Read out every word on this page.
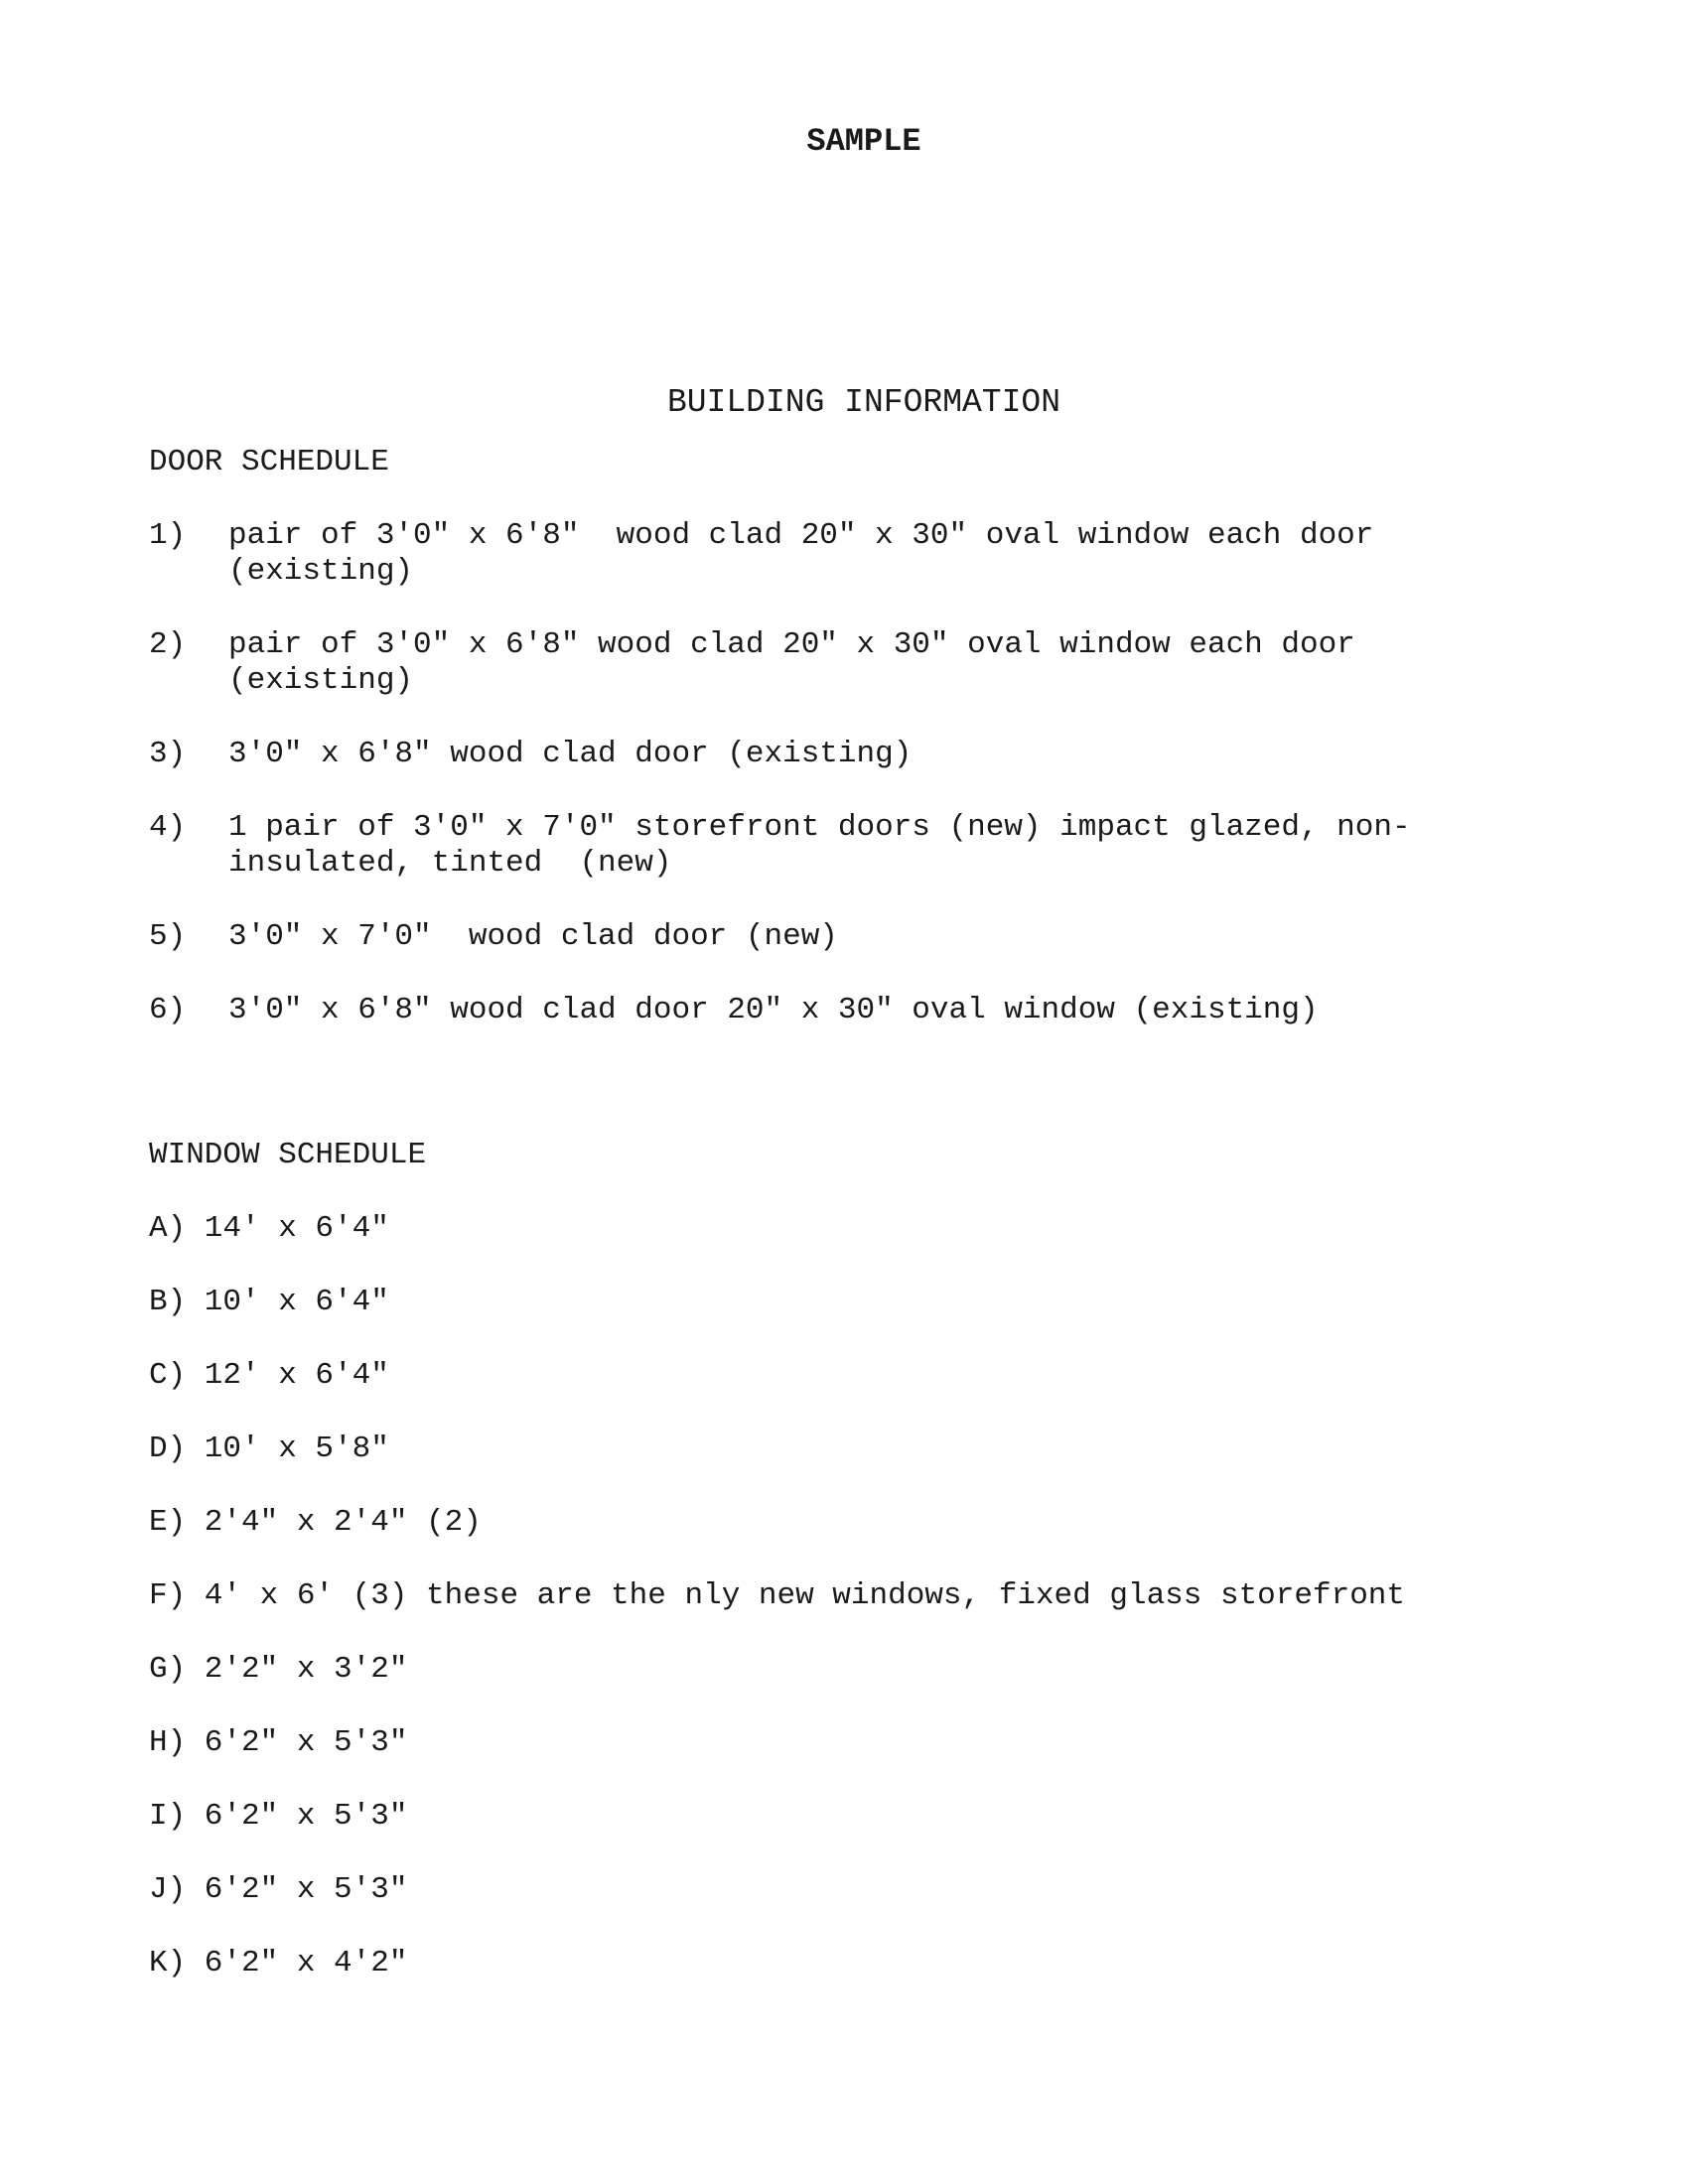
SAMPLE
BUILDING INFORMATION
DOOR SCHEDULE
1) pair of 3'0" x 6'8"  wood clad 20" x 30" oval window each door
(existing)
2) pair of 3'0" x 6'8" wood clad 20" x 30" oval window each door
(existing)
3) 3'0" x 6'8" wood clad door (existing)
4) 1 pair of 3'0" x 7'0" storefront doors (new) impact glazed, non-
insulated, tinted  (new)
5) 3'0" x 7'0"  wood clad door (new)
6) 3'0" x 6'8" wood clad door 20" x 30" oval window (existing)
WINDOW SCHEDULE
A) 14' x 6'4"
B) 10' x 6'4"
C) 12' x 6'4"
D) 10' x 5'8"
E) 2'4" x 2'4" (2)
F) 4' x 6' (3) these are the nly new windows, fixed glass storefront
G) 2'2" x 3'2"
H) 6'2" x 5'3"
I) 6'2" x 5'3"
J) 6'2" x 5'3"
K) 6'2" x 4'2"
